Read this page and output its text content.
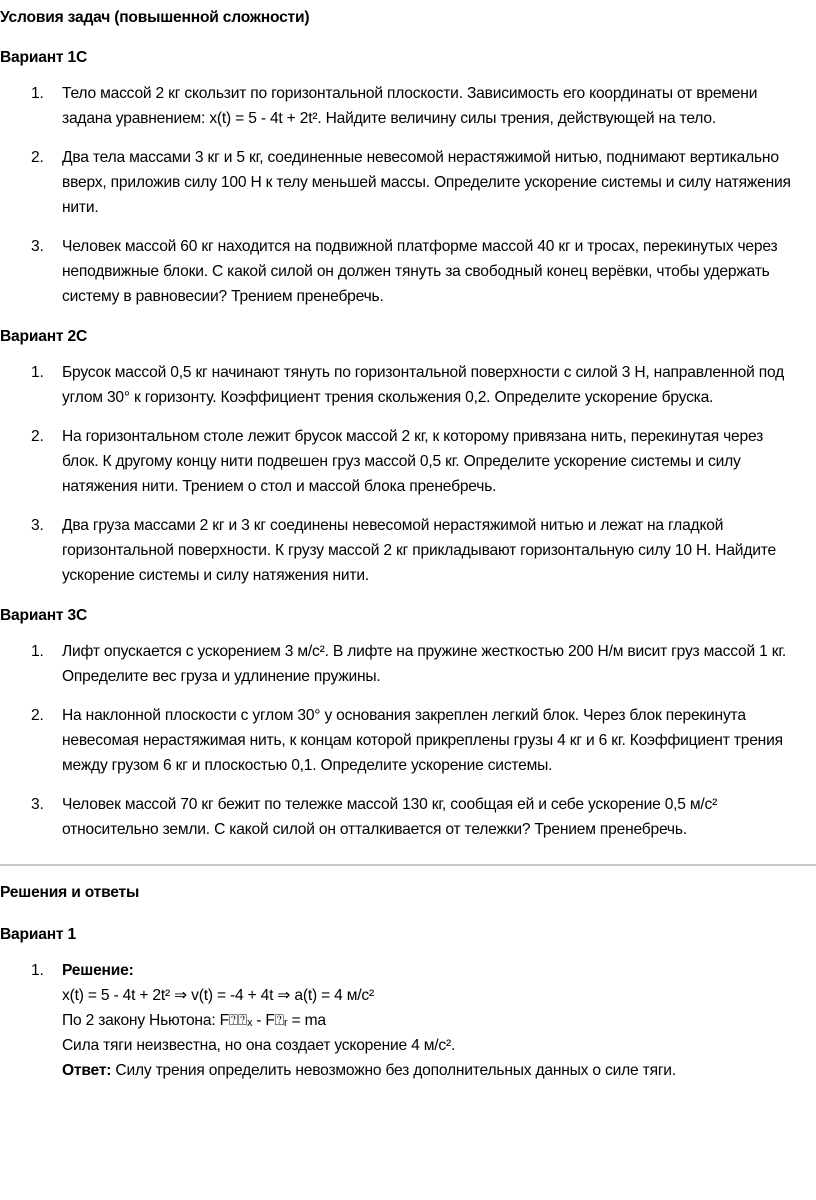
Условия задач (повышенной сложности)
Вариант 1С
1. Тело массой 2 кг скользит по горизонтальной плоскости. Зависимость его координаты от времени задана уравнением: x(t) = 5 - 4t + 2t². Найдите величину силы трения, действующей на тело.
2. Два тела массами 3 кг и 5 кг, соединенные невесомой нерастяжимой нитью, поднимают вертикально вверх, приложив силу 100 Н к телу меньшей массы. Определите ускорение системы и силу натяжения нити.
3. Человек массой 60 кг находится на подвижной платформе массой 40 кг и тросах, перекинутых через неподвижные блоки. С какой силой он должен тянуть за свободный конец верёвки, чтобы удержать систему в равновесии? Трением пренебречь.
Вариант 2С
1. Брусок массой 0,5 кг начинают тянуть по горизонтальной поверхности с силой 3 Н, направленной под углом 30° к горизонту. Коэффициент трения скольжения 0,2. Определите ускорение бруска.
2. На горизонтальном столе лежит брусок массой 2 кг, к которому привязана нить, перекинутая через блок. К другому концу нити подвешен груз массой 0,5 кг. Определите ускорение системы и силу натяжения нити. Трением о стол и массой блока пренебречь.
3. Два груза массами 2 кг и 3 кг соединены невесомой нерастяжимой нитью и лежат на гладкой горизонтальной поверхности. К грузу массой 2 кг прикладывают горизонтальную силу 10 Н. Найдите ускорение системы и силу натяжения нити.
Вариант 3С
1. Лифт опускается с ускорением 3 м/с². В лифте на пружине жесткостью 200 Н/м висит груз массой 1 кг. Определите вес груза и удлинение пружины.
2. На наклонной плоскости с углом 30° у основания закреплен легкий блок. Через блок перекинута невесомая нерастяжимая нить, к концам которой прикреплены грузы 4 кг и 6 кг. Коэффициент трения между грузом 6 кг и плоскостью 0,1. Определите ускорение системы.
3. Человек массой 70 кг бежит по тележке массой 130 кг, сообщая ей и себе ускорение 0,5 м/с² относительно земли. С какой силой он отталкивается от тележки? Трением пренебречь.
Решения и ответы
Вариант 1
1. Решение:
x(t) = 5 - 4t + 2t² ⇒ v(t) = -4 + 4t ⇒ a(t) = 4 м/с²
По 2 закону Ньютона: F⍰⍰ₓ - F⍰ᵣ = ma
Сила тяги неизвестна, но она создает ускорение 4 м/с².
Ответ: Силу трения определить невозможно без дополнительных данных о силе тяги.
